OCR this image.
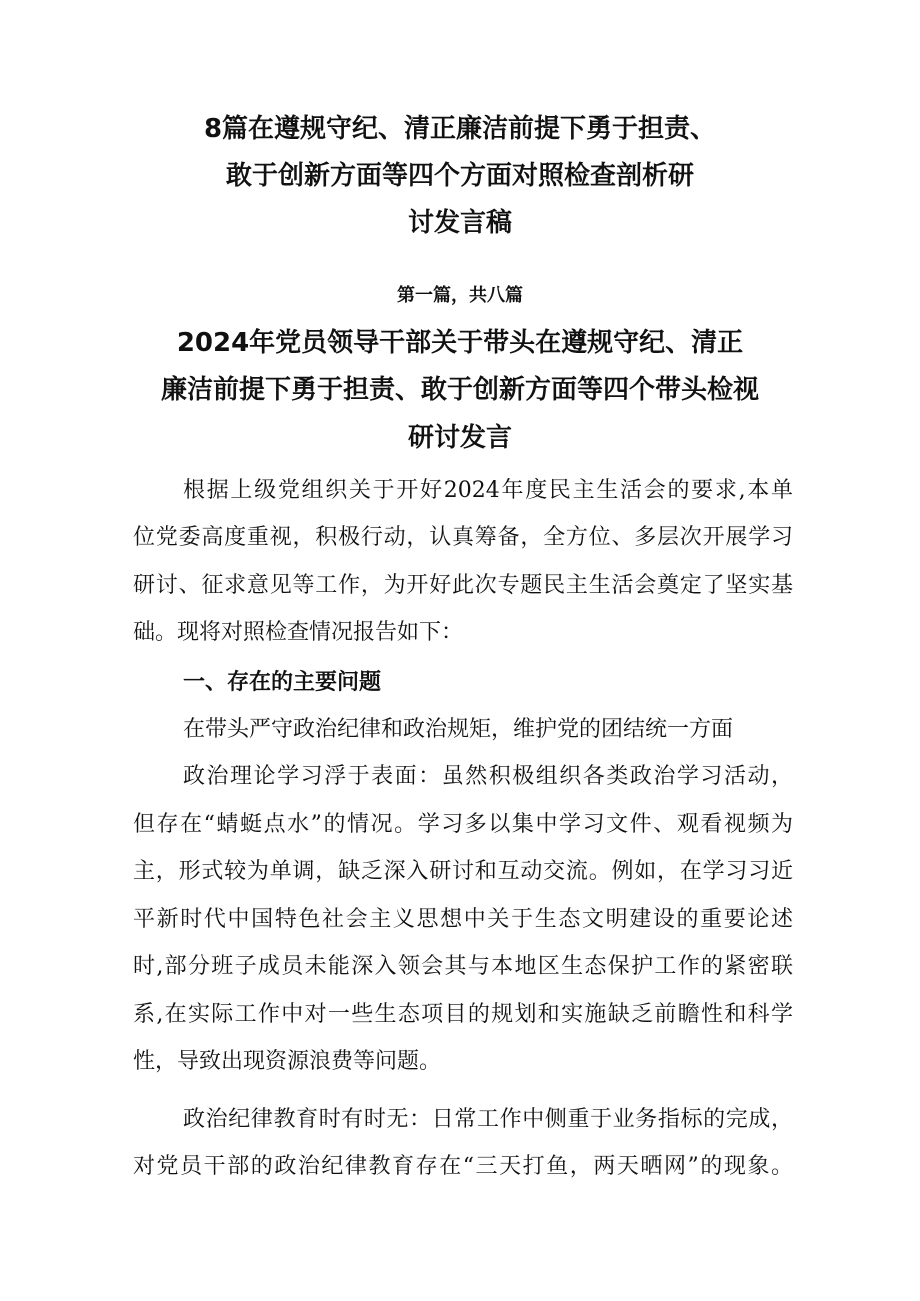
8篇在遵规守纪、清正廉洁前提下勇于担责、
敢于创新方面等四个方面对照检查剖析研
讨发言稿
第一篇，共八篇
2024年党员领导干部关于带头在遵规守纪、清正
廉洁前提下勇于担责、敢于创新方面等四个带头检视
研讨发言
根据上级党组织关于开好2024年度民主生活会的要求,本单
位党委高度重视，积极行动，认真筹备，全方位、多层次开展学习
研讨、征求意见等工作，为开好此次专题民主生活会奠定了坚实基
础。现将对照检查情况报告如下：
一、存在的主要问题
在带头严守政治纪律和政治规矩，维护党的团结统一方面
政治理论学习浮于表面：虽然积极组织各类政治学习活动，
但存在“蜻蜓点水”的情况。学习多以集中学习文件、观看视频为
主，形式较为单调，缺乏深入研讨和互动交流。例如，在学习习近
平新时代中国特色社会主义思想中关于生态文明建设的重要论述
时,部分班子成员未能深入领会其与本地区生态保护工作的紧密联
系,在实际工作中对一些生态项目的规划和实施缺乏前瞻性和科学
性，导致出现资源浪费等问题。
政治纪律教育时有时无：日常工作中侧重于业务指标的完成，
对党员干部的政治纪律教育存在“三天打鱼，两天晒网”的现象。
